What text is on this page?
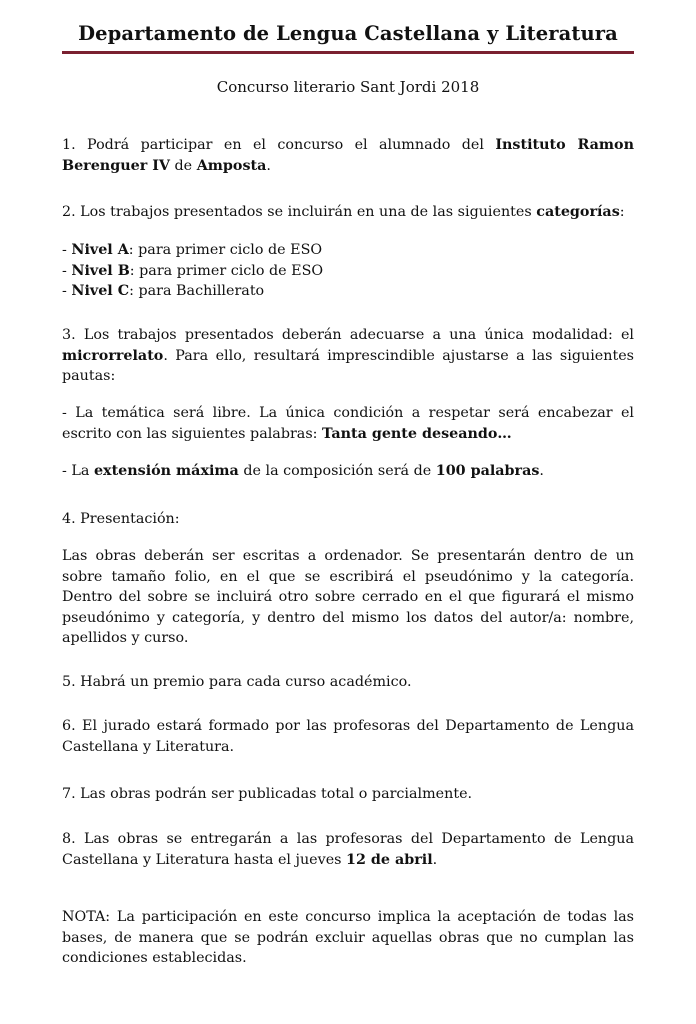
Departamento de Lengua Castellana y Literatura
Concurso literario Sant Jordi 2018

1. Podrá participar en el concurso el alumnado del Instituto Ramon Berenguer IV de Amposta.

2. Los trabajos presentados se incluirán en una de las siguientes categorías:

- Nivel A: para primer ciclo de ESO
- Nivel B: para primer ciclo de ESO
- Nivel C: para Bachillerato

3. Los trabajos presentados deberán adecuarse a una única modalidad: el microrrelato. Para ello, resultará imprescindible ajustarse a las siguientes pautas:

- La temática será libre. La única condición a respetar será encabezar el escrito con las siguientes palabras: Tanta gente deseando…

- La extensión máxima de la composición será de 100 palabras.

4. Presentación:

Las obras deberán ser escritas a ordenador. Se presentarán dentro de un sobre tamaño folio, en el que se escribirá el pseudónimo y la categoría. Dentro del sobre se incluirá otro sobre cerrado en el que figurará el mismo pseudónimo y categoría, y dentro del mismo los datos del autor/a: nombre, apellidos y curso.

5. Habrá un premio para cada curso académico.

6. El jurado estará formado por las profesoras del Departamento de Lengua Castellana y Literatura.

7. Las obras podrán ser publicadas total o parcialmente.

8. Las obras se entregarán a las profesoras del Departamento de Lengua Castellana y Literatura hasta el jueves 12 de abril.

NOTA: La participación en este concurso implica la aceptación de todas las bases, de manera que se podrán excluir aquellas obras que no cumplan las condiciones establecidas.
